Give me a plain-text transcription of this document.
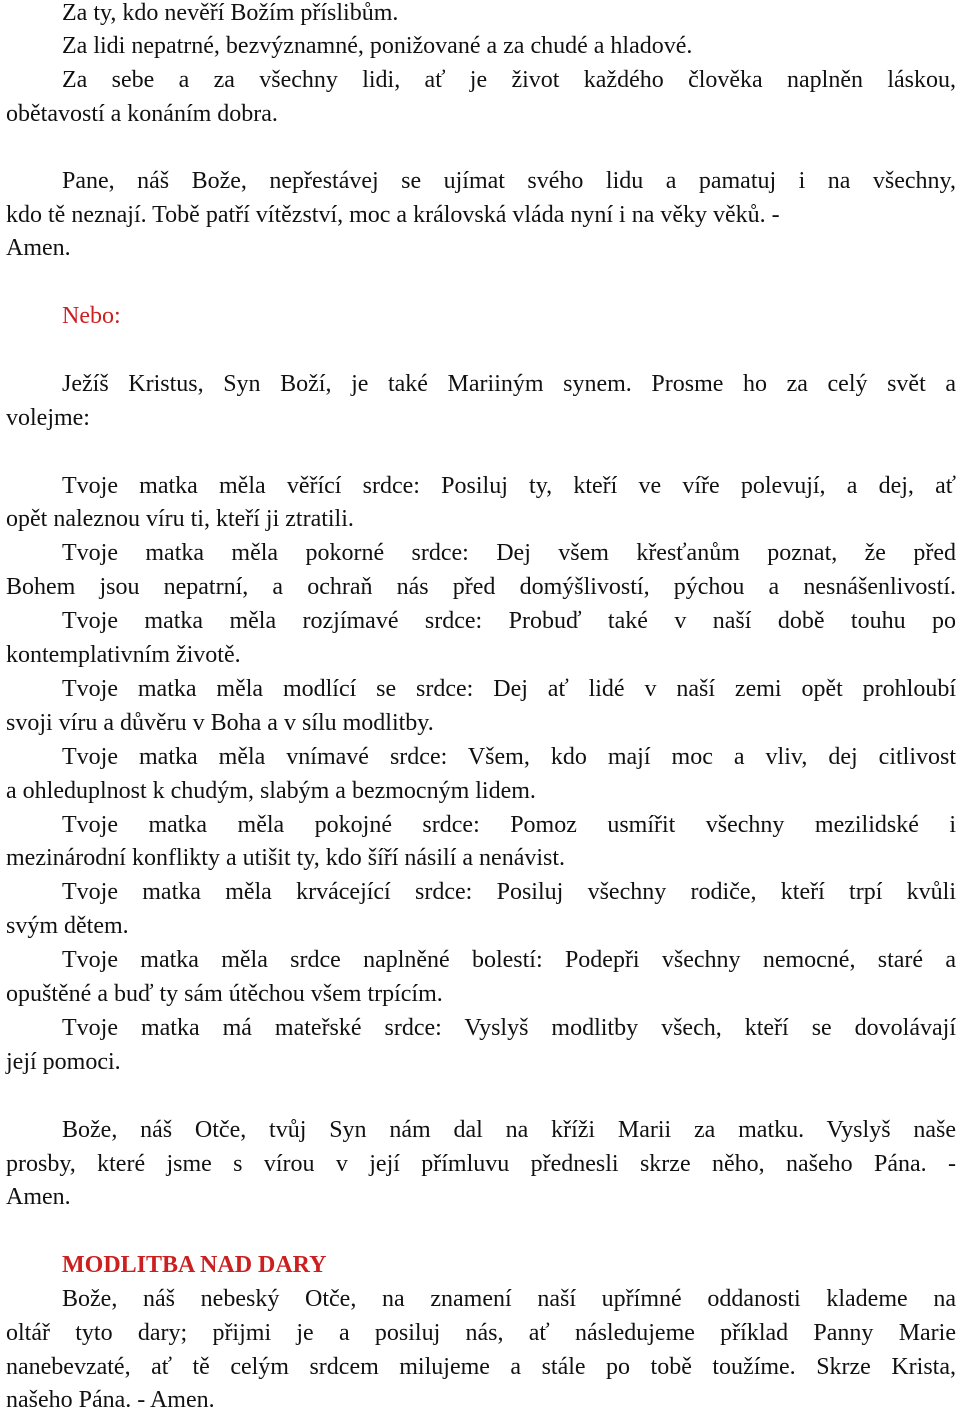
Za ty, kdo nevěří Božím příslibům.
Za lidi nepatrné, bezvýznamné, ponižované a za chudé a hladové.
Za sebe a za všechny lidi, ať je život každého člověka naplněn láskou,
obětavostí a konáním dobra.
Pane, náš Bože, nepřestávej se ujímat svého lidu a pamatuj i na všechny,
kdo tě neznají. Tobě patří vítězství, moc a královská vláda nyní i na věky věků. -
Amen.
Nebo:
Ježíš Kristus, Syn Boží, je také Mariiným synem. Prosme ho za celý svět a
volejme:
Tvoje matka měla věřící srdce: Posiluj ty, kteří ve víře polevují, a dej, ať
opět naleznou víru ti, kteří ji ztratili.
Tvoje matka měla pokorné srdce: Dej všem křesťanům poznat, že před
Bohem jsou nepatrní, a ochraň nás před domýšlivostí, pýchou a nesnášenlivostí.
Tvoje matka měla rozjímavé srdce: Probuď také v naší době touhu po
kontemplativním životě.
Tvoje matka měla modlící se srdce: Dej ať lidé v naší zemi opět prohloubí
svoji víru a důvěru v Boha a v sílu modlitby.
Tvoje matka měla vnímavé srdce: Všem, kdo mají moc a vliv, dej citlivost
a ohleduplnost k chudým, slabým a bezmocným lidem.
Tvoje matka měla pokojné srdce: Pomoz usmířit všechny mezilidské i
mezinárodní konflikty a utišit ty, kdo šíří násilí a nenávist.
Tvoje matka měla krvácející srdce: Posiluj všechny rodiče, kteří trpí kvůli
svým dětem.
Tvoje matka měla srdce naplněné bolestí: Podepři všechny nemocné, staré a
opuštěné a buď ty sám útěchou všem trpícím.
Tvoje matka má mateřské srdce: Vyslyš modlitby všech, kteří se dovolávají
její pomoci.
Bože, náš Otče, tvůj Syn nám dal na kříži Marii za matku. Vyslyš naše
prosby, které jsme s vírou v její přímluvu přednesli skrze něho, našeho Pána. -
Amen.
MODLITBA NAD DARY
Bože, náš nebeský Otče, na znamení naší upřímné oddanosti klademe na
oltář tyto dary; přijmi je a posiluj nás, ať následujeme příklad Panny Marie
nanebevzaté, ať tě celým srdcem milujeme a stále po tobě toužíme. Skrze Krista,
našeho Pána. - Amen.
